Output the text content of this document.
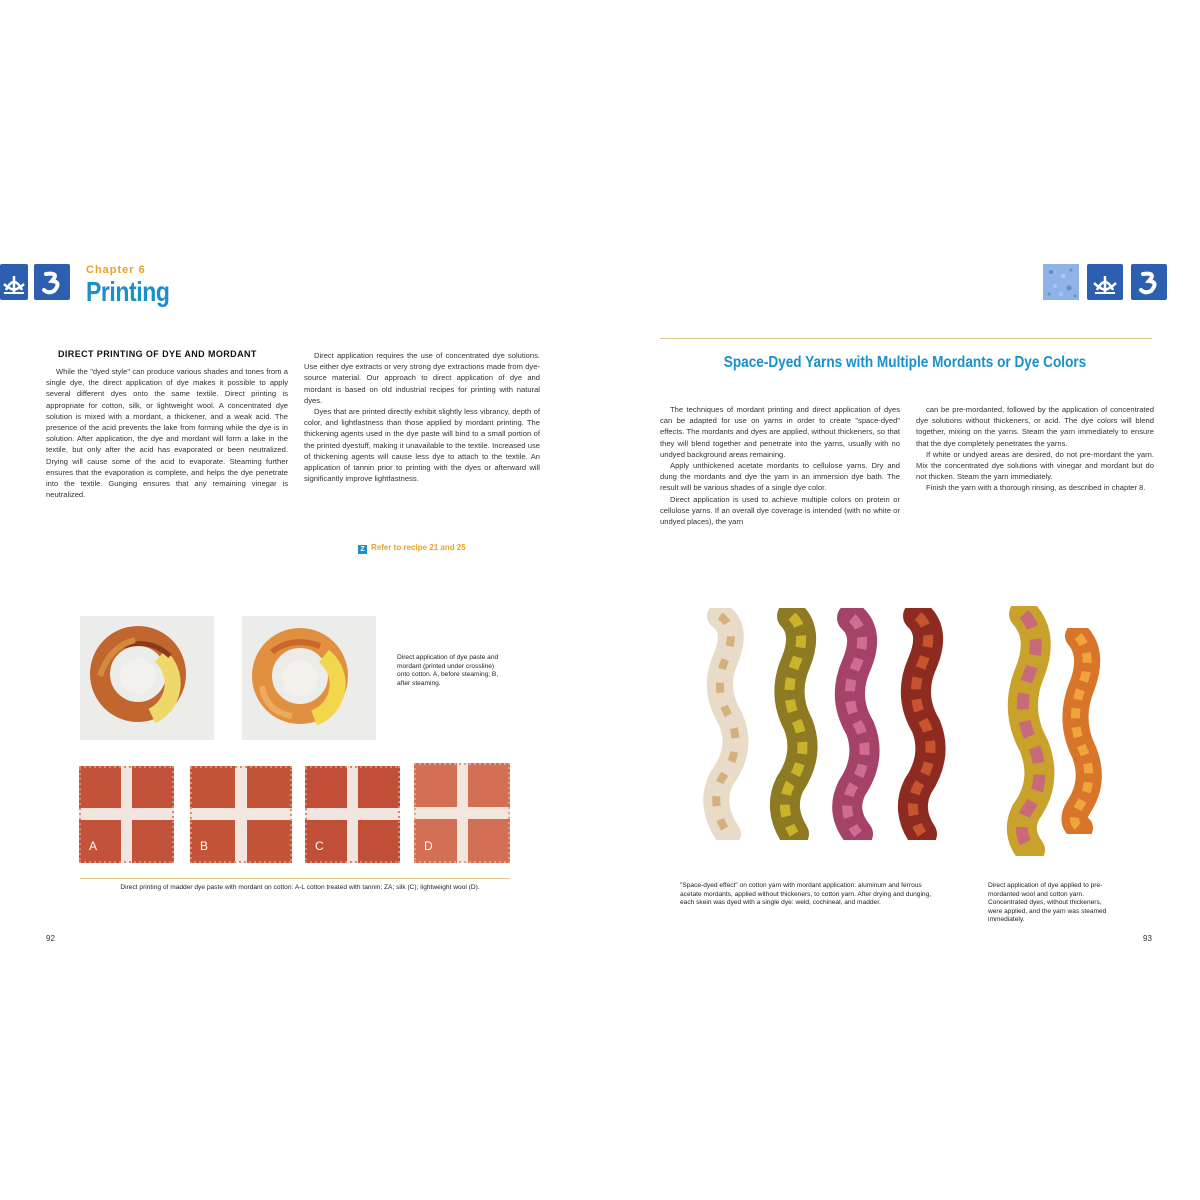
Chapter 6
Printing
DIRECT PRINTING OF DYE AND MORDANT

While the "dyed style" can produce various shades and tones from a single dye, the direct application of dye makes it possible to apply several different dyes onto the same textile. Direct printing is appropriate for cotton, silk, or lightweight wool. A concentrated dye solution is mixed with a mordant, a thickener, and a weak acid. The presence of the acid prevents the lake from forming while the dye is in solution. After application, the dye and mordant will form a lake in the textile, but only after the acid has evaporated or been neutralized. Drying will cause some of the acid to evaporate. Steaming further ensures that the evaporation is complete, and helps the dye penetrate into the textile. Gunging ensures that any remaining vinegar is neutralized.

Direct application requires the use of concentrated dye solutions. Use either dye extracts or very strong dye extractions made from dye-source material. Our approach to direct application of dye and mordant is based on old industrial recipes for printing with natural dyes.

Dyes that are printed directly exhibit slightly less vibrancy, depth of color, and lightfastness than those applied by mordant printing. The thickening agents used in the dye paste will bind to a small portion of the printed dyestuff, making it unavailable to the textile. Increased use of thickening agents will cause less dye to attach to the textile. An application of tannin prior to printing with the dyes or afterward will significantly improve lightfastness.

Z Refer to recipe 21 and 25
Direct application of dye paste and mordant (printed under crossline) onto cotton. A, before steaming; B, after steaming.
A	B	C	D
Direct printing of madder dye paste with mordant on cotton: A-L cotton treated with tannin; ZA; silk (C); lightweight wool (D).
92
Space-Dyed Yarns with Multiple Mordants or Dye Colors

The techniques of mordant printing and direct application of dyes can be adapted for use on yarns in order to create "space-dyed" effects. The mordants and dyes are applied, without thickeners, so that they will blend together and penetrate into the yarns, usually with no undyed background areas remaining.

Apply unthickened acetate mordants to cellulose yarns. Dry and dung the mordants and dye the yarn in an immersion dye bath. The result will be various shades of a single dye color.

Direct application is used to achieve multiple colors on protein or cellulose yarns. If an overall dye coverage is intended (with no white or undyed places), the yarn

can be pre-mordanted, followed by the application of concentrated dye solutions without thickeners, or acid. The dye colors will blend together, mixing on the yarns. Steam the yarn immediately to ensure that the dye completely penetrates the yarns.

If white or undyed areas are desired, do not pre-mordant the yarn. Mix the concentrated dye solutions with vinegar and mordant but do not thicken. Steam the yarn immediately.

Finish the yarn with a thorough rinsing, as described in chapter 8.

"Space-dyed effect" on cotton yarn with mordant application: aluminum and ferrous acetate mordants, applied without thickeners, to cotton yarn. After drying and dunging, each skein was dyed with a single dye: weld, cochineal, and madder.
Direct application of dye applied to pre-mordanted wool and cotton yarn. Concentrated dyes, without thickeners, were applied, and the yarn was steamed immediately.
93
